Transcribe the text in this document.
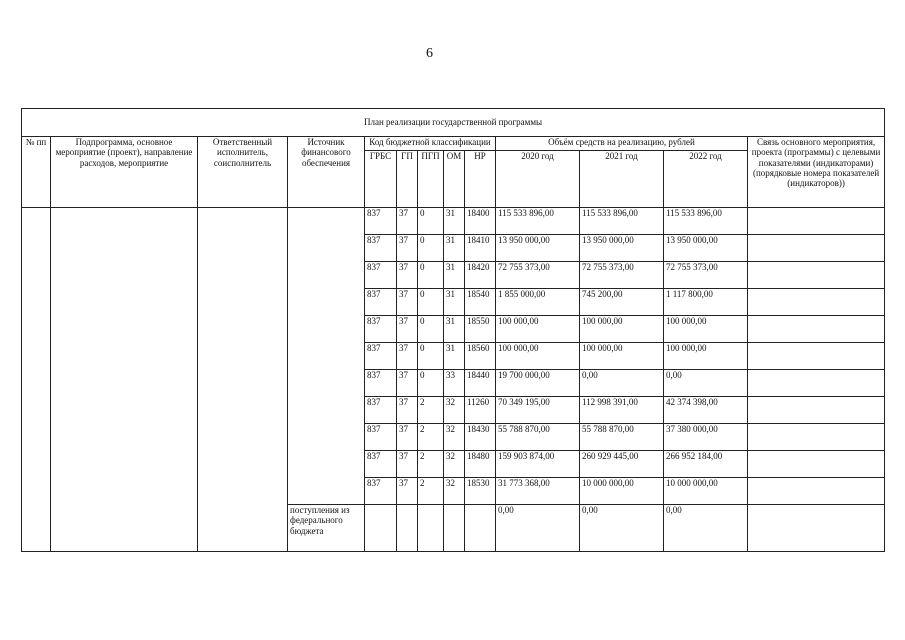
6
План реализации государственной программы												
№ пп	Подпрограмма, основное мероприятие (проект), направление расходов, мероприятие	Ответственный исполнитель, соисполнитель	Источник финансового обеспечения	Код бюджетной классификации					Объём средств на реализацию, рублей			Связь основного мероприятия, проекта (программы) с целевыми показателями (индикаторами) (порядковые номера показателей (индикаторов))
				ГРБС	ГП	ПГП	ОМ	НР	2020 год	2021 год	2022 год	
				837	37	0	31	18400	115 533 896,00	115 533 896,00	115 533 896,00	
				837	37	0	31	18410	13 950 000,00	13 950 000,00	13 950 000,00	
				837	37	0	31	18420	72 755 373,00	72 755 373,00	72 755 373,00	
				837	37	0	31	18540	1 855 000,00	745 200,00	1 117 800,00	
				837	37	0	31	18550	100 000,00	100 000,00	100 000,00	
				837	37	0	31	18560	100 000,00	100 000,00	100 000,00	
				837	37	0	33	18440	19 700 000,00	0,00	0,00	
				837	37	2	32	11260	70 349 195,00	112 998 391,00	42 374 398,00	
				837	37	2	32	18430	55 788 870,00	55 788 870,00	37 380 000,00	
				837	37	2	32	18480	159 903 874,00	260 929 445,00	266 952 184,00	
				837	37	2	32	18530	31 773 368,00	10 000 000,00	10 000 000,00	
			поступления из федерального бюджета						0,00	0,00	0,00	
